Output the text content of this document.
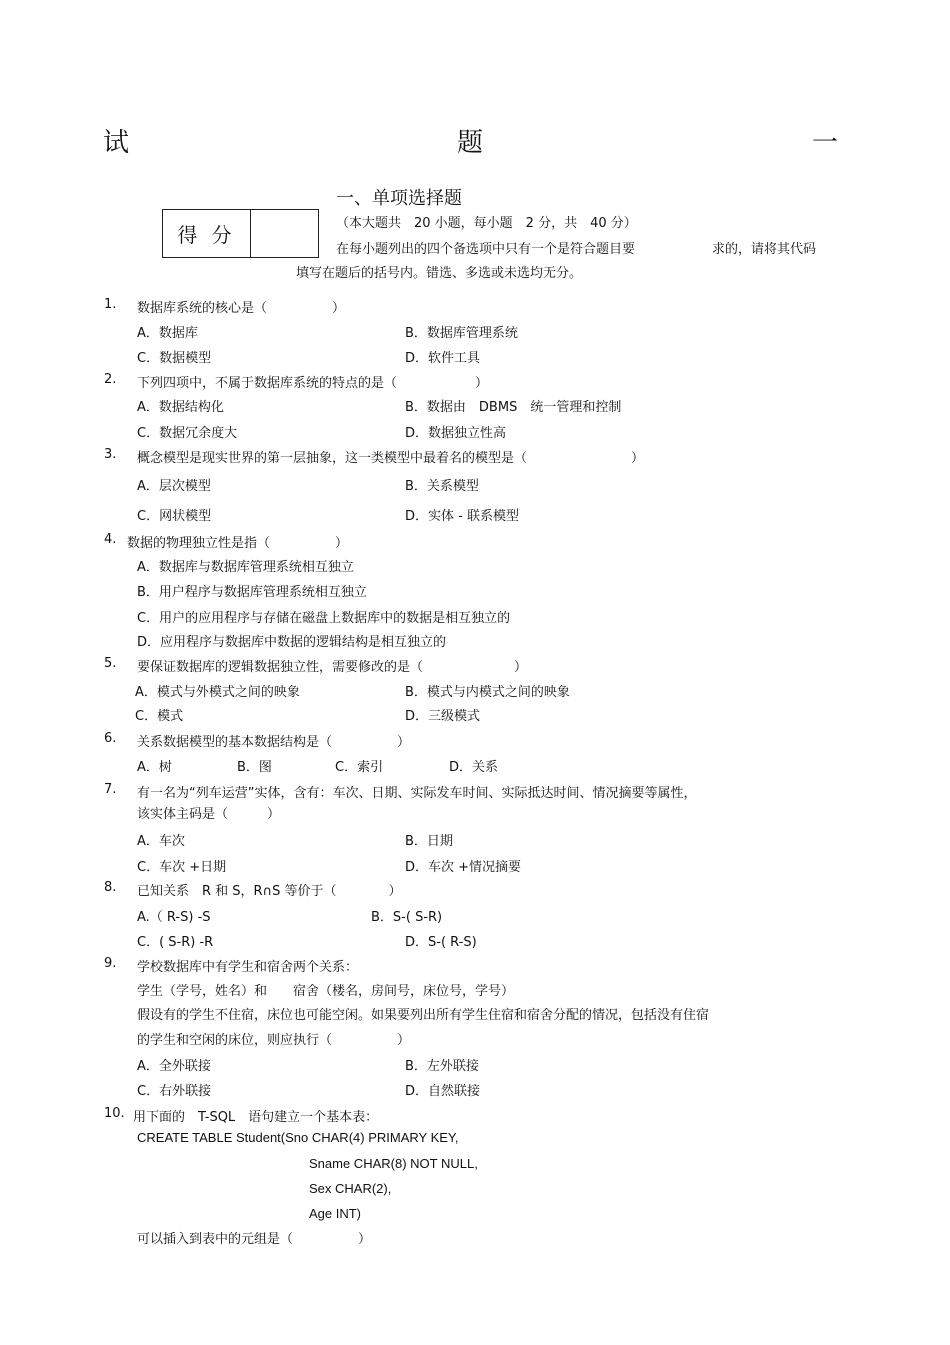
试	题	一
一、单项选择题
得 分	（本大题共　20 小题，每小题　2 分，共　40 分）
在每小题列出的四个备选项中只有一个是符合题目要	求的，请将其代码
填写在题后的括号内。错选、多选或未选均无分。
1. 数据库系统的核心是（　　　　　）
A．数据库	B．数据库管理系统
C．数据模型	D．软件工具
2. 下列四项中，不属于数据库系统的特点的是（　　　　　　）
A．数据结构化	B．数据由　DBMS　统一管理和控制
C．数据冗余度大	D．数据独立性高
3. 概念模型是现实世界的第一层抽象，这一类模型中最着名的模型是（　　　　　　　　）
A．层次模型	B．关系模型
C．网状模型	D．实体 - 联系模型
4. 数据的物理独立性是指（　　　　　）
A．数据库与数据库管理系统相互独立
B．用户程序与数据库管理系统相互独立
C．用户的应用程序与存储在磁盘上数据库中的数据是相互独立的
D．应用程序与数据库中数据的逻辑结构是相互独立的
5. 要保证数据库的逻辑数据独立性，需要修改的是（　　　　　　　）
A．模式与外模式之间的映象	B．模式与内模式之间的映象
C．模式	D．三级模式
6. 关系数据模型的基本数据结构是（　　　　　）
A．树	B．图	C．索引	D．关系
7. 有一名为“列车运营”实体，含有：车次、日期、实际发车时间、实际抵达时间、情况摘要等属性，
该实体主码是（　　　）
A．车次	B．日期
C．车次 +日期	D．车次 +情况摘要
8. 已知关系　R 和 S，R∩S 等价于（　　　　）
A.（ R-S) -S	B．S-( S-R)
C．( S-R) -R	D．S-( R-S)
9. 学校数据库中有学生和宿舍两个关系：
学生（学号，姓名）和　　宿舍（楼名，房间号，床位号，学号）
假设有的学生不住宿，床位也可能空闲。如果要列出所有学生住宿和宿舍分配的情况，包括没有住宿
的学生和空闲的床位，则应执行（　　　　　）
A．全外联接	B．左外联接
C．右外联接	D．自然联接
10. 用下面的　T-SQL　语句建立一个基本表：
CREATE TABLE Student(Sno CHAR(4) PRIMARY KEY,
Sname CHAR(8) NOT NULL,
Sex CHAR(2),
Age INT)
可以插入到表中的元组是（　　　　　）
